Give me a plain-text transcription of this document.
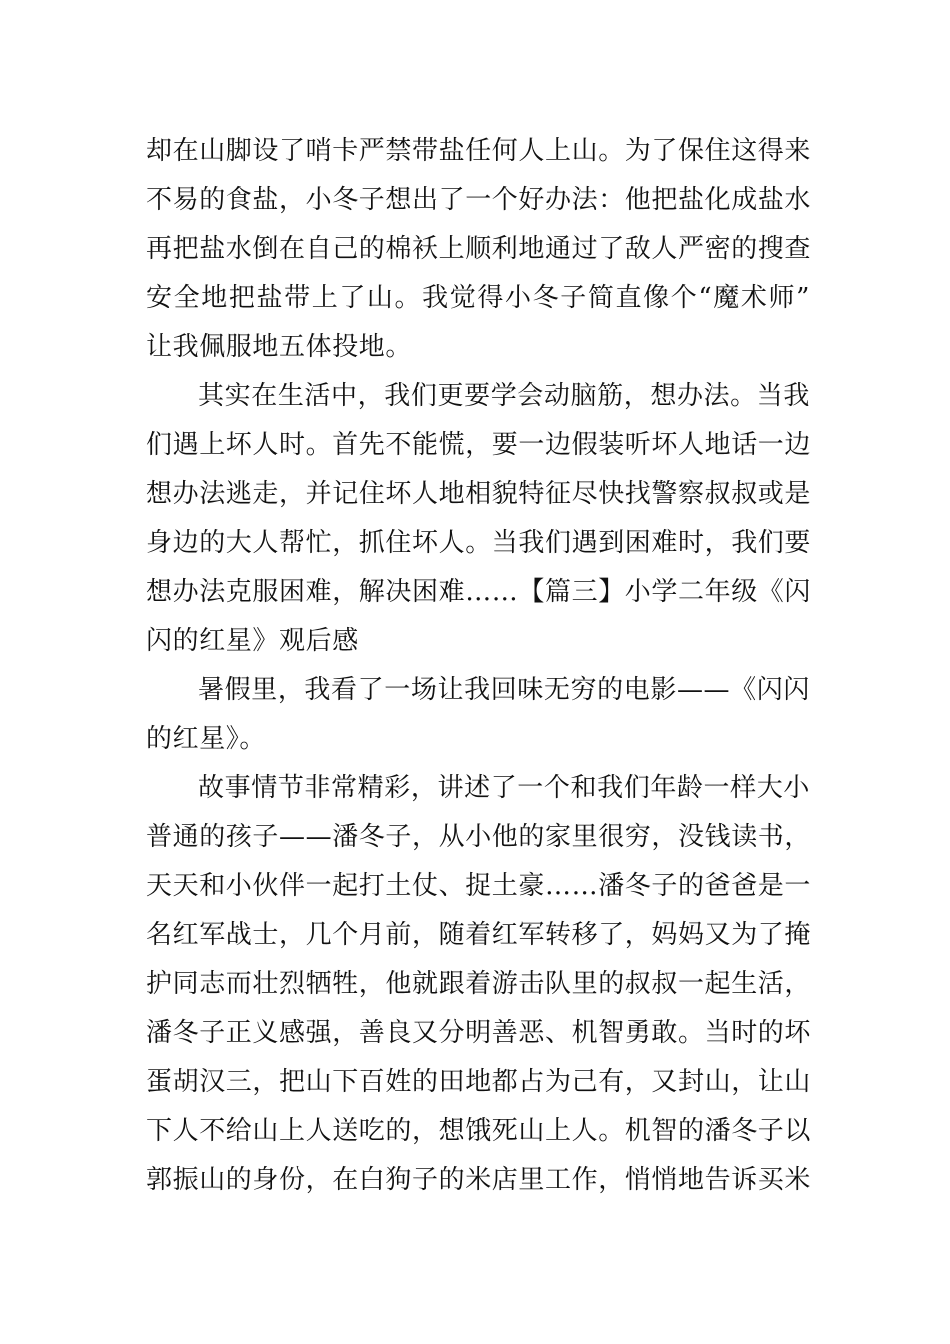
却在山脚设了哨卡严禁带盐任何人上山。为了保住这得来
不易的食盐，小冬子想出了一个好办法：他把盐化成盐水
再把盐水倒在自己的棉袄上顺利地通过了敌人严密的搜查
安全地把盐带上了山。我觉得小冬子简直像个“魔术师”
让我佩服地五体投地。
其实在生活中，我们更要学会动脑筋，想办法。当我
们遇上坏人时。首先不能慌，要一边假装听坏人地话一边
想办法逃走，并记住坏人地相貌特征尽快找警察叔叔或是
身边的大人帮忙，抓住坏人。当我们遇到困难时，我们要
想办法克服困难，解决困难……【篇三】小学二年级《闪
闪的红星》观后感
暑假里，我看了一场让我回味无穷的电影——《闪闪
的红星》。
故事情节非常精彩，讲述了一个和我们年龄一样大小
普通的孩子——潘冬子，从小他的家里很穷，没钱读书，
天天和小伙伴一起打土仗、捉土豪……潘冬子的爸爸是一
名红军战士，几个月前，随着红军转移了，妈妈又为了掩
护同志而壮烈牺牲，他就跟着游击队里的叔叔一起生活，
潘冬子正义感强，善良又分明善恶、机智勇敢。当时的坏
蛋胡汉三，把山下百姓的田地都占为己有，又封山，让山
下人不给山上人送吃的，想饿死山上人。机智的潘冬子以
郭振山的身份，在白狗子的米店里工作，悄悄地告诉买米
